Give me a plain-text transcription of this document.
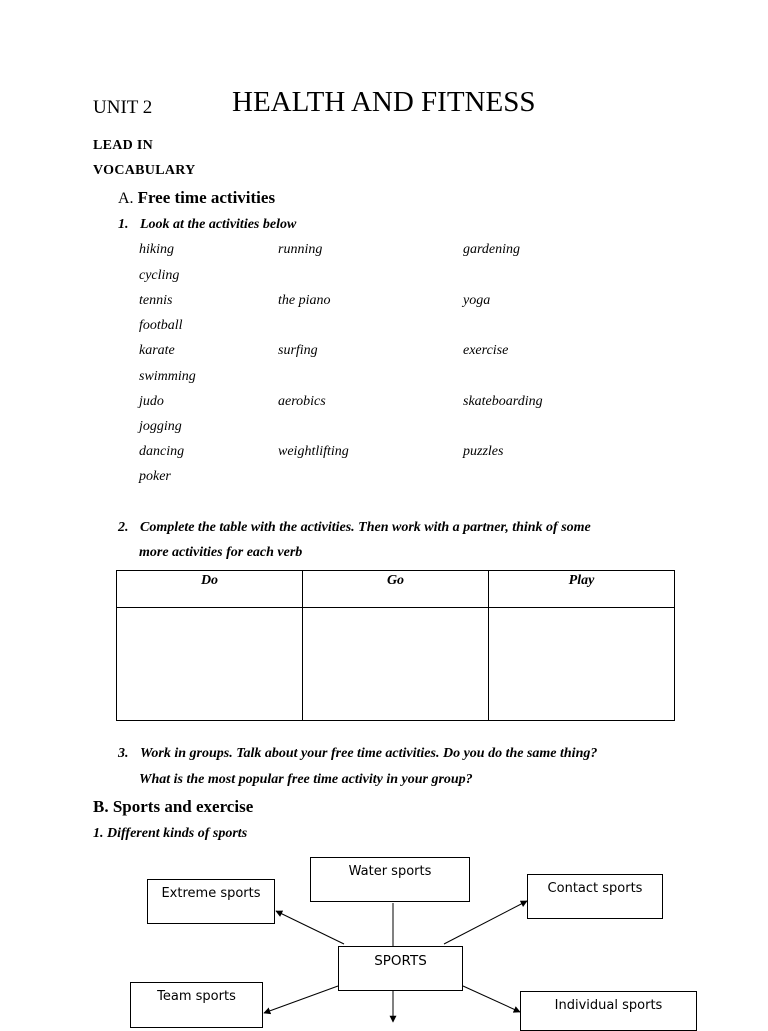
UNIT 2	HEALTH AND FITNESS
LEAD IN
VOCABULARY
A. Free time activities
1. Look at the activities below
hiking	running	gardening
cycling
tennis	the piano	yoga
football
karate	surfing	exercise
swimming
judo	aerobics	skateboarding
jogging
dancing	weightlifting	puzzles
poker
2. Complete the table with the activities. Then work with a partner, think of some
more activities for each verb
Do	Go	Play

3. Work in groups. Talk about your free time activities. Do you do the same thing?
What is the most popular free time activity in your group?
B. Sports and exercise
1. Different kinds of sports
Water sports
Extreme sports	Contact sports
SPORTS
Team sports
Individual sports
